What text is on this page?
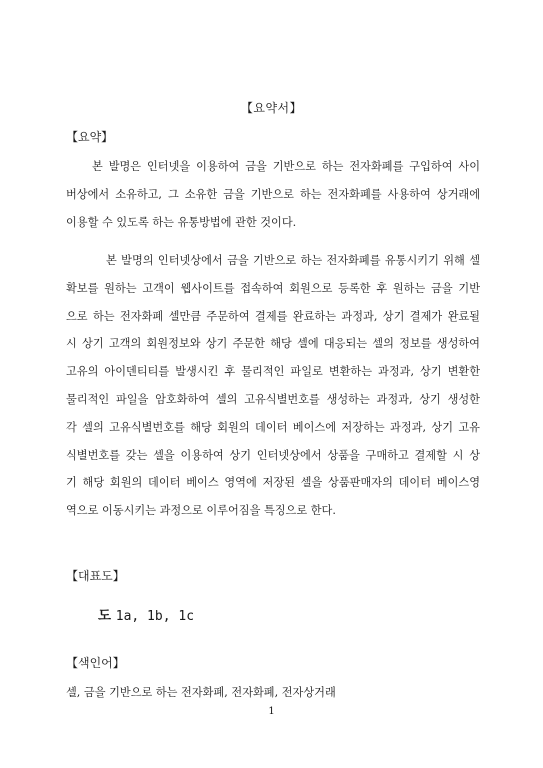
【요약서】
【요약】
본 발명은 인터넷을 이용하여 금을 기반으로 하는 전자화폐를 구입하여 사이
버상에서 소유하고, 그 소유한 금을 기반으로 하는 전자화폐를 사용하여 상거래에
이용할 수 있도록 하는 유통방법에 관한 것이다.
본 발명의 인터넷상에서 금을 기반으로 하는 전자화폐를 유통시키기 위해 셀
확보를 원하는 고객이 웹사이트를 접속하여 회원으로 등록한 후 원하는 금을 기반
으로 하는 전자화폐 셀만큼 주문하여 결제를 완료하는 과정과, 상기 결제가 완료될
시 상기 고객의 회원정보와 상기 주문한 해당 셀에 대응되는 셀의 정보를 생성하여
고유의 아이덴티티를 발생시킨 후 물리적인 파일로 변환하는 과정과, 상기 변환한
물리적인 파일을 암호화하여 셀의 고유식별번호를 생성하는 과정과, 상기 생성한
각 셀의 고유식별번호를 해당 회원의 데이터 베이스에 저장하는 과정과, 상기 고유
식별번호를 갖는 셀을 이용하여 상기 인터넷상에서 상품을 구매하고 결제할 시 상
기 해당 회원의 데이터 베이스 영역에 저장된 셀을 상품판매자의 데이터 베이스영
역으로 이동시키는 과정으로 이루어짐을 특징으로 한다.
【대표도】
도 1a, 1b, 1c
【색인어】
셀, 금을 기반으로 하는 전자화폐, 전자화폐, 전자상거래
1
